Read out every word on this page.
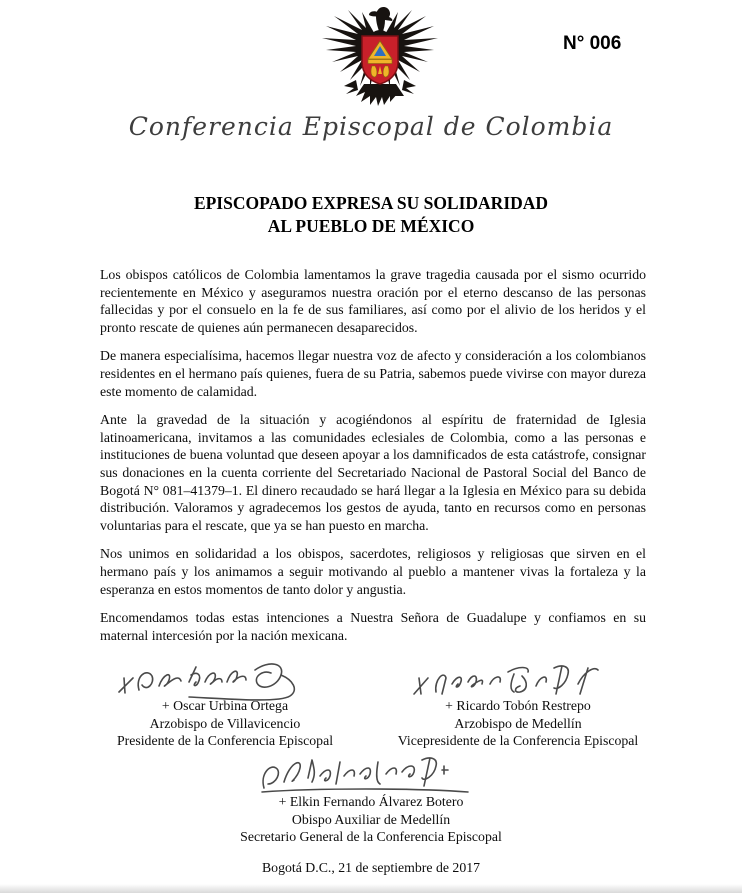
N° 006
Conferencia Episcopal de Colombia
EPISCOPADO EXPRESA SU SOLIDARIDAD
AL PUEBLO DE MÉXICO

Los obispos católicos de Colombia lamentamos la grave tragedia causada por el sismo ocurrido recientemente en México y aseguramos nuestra oración por el eterno descanso de las personas fallecidas y por el consuelo en la fe de sus familiares, así como por el alivio de los heridos y el pronto rescate de quienes aún permanecen desaparecidos.

De manera especialísima, hacemos llegar nuestra voz de afecto y consideración a los colombianos residentes en el hermano país quienes, fuera de su Patria, sabemos puede vivirse con mayor dureza este momento de calamidad.

Ante la gravedad de la situación y acogiéndonos al espíritu de fraternidad de Iglesia latinoamericana, invitamos a las comunidades eclesiales de Colombia, como a las personas e instituciones de buena voluntad que deseen apoyar a los damnificados de esta catástrofe, consignar sus donaciones en la cuenta corriente del Secretariado Nacional de Pastoral Social del Banco de Bogotá N° 081–41379–1. El dinero recaudado se hará llegar a la Iglesia en México para su debida distribución. Valoramos y agradecemos los gestos de ayuda, tanto en recursos como en personas voluntarias para el rescate, que ya se han puesto en marcha.

Nos unimos en solidaridad a los obispos, sacerdotes, religiosos y religiosas que sirven en el hermano país y los animamos a seguir motivando al pueblo a mantener vivas la fortaleza y la esperanza en estos momentos de tanto dolor y angustia.

Encomendamos todas estas intenciones a Nuestra Señora de Guadalupe y confiamos en su maternal intercesión por la nación mexicana.

+ Oscar Urbina Ortega
Arzobispo de Villavicencio
Presidente de la Conferencia Episcopal
+ Ricardo Tobón Restrepo
Arzobispo de Medellín
Vicepresidente de la Conferencia Episcopal
+ Elkin Fernando Álvarez Botero
Obispo Auxiliar de Medellín
Secretario General de la Conferencia Episcopal
Bogotá D.C., 21 de septiembre de 2017
